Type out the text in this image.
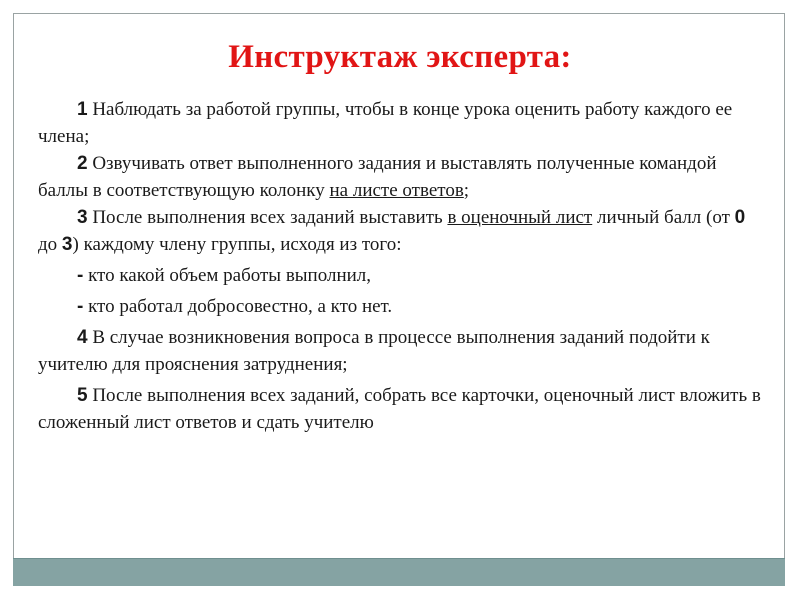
Инструктаж эксперта:

1 Наблюдать за работой группы, чтобы в конце урока оценить работу каждого ее члена;

2 Озвучивать ответ выполненного задания и выставлять полученные командой баллы в соответствующую колонку на листе ответов;

3 После выполнения всех заданий выставить в оценочный лист личный балл (от 0 до 3) каждому члену группы, исходя из того:

- кто какой объем работы выполнил,

- кто работал добросовестно, а кто нет.

4 В случае возникновения вопроса в процессе выполнения заданий подойти к учителю для прояснения затруднения;

5 После выполнения всех заданий, собрать все карточки, оценочный лист вложить в сложенный лист ответов и сдать учителю
